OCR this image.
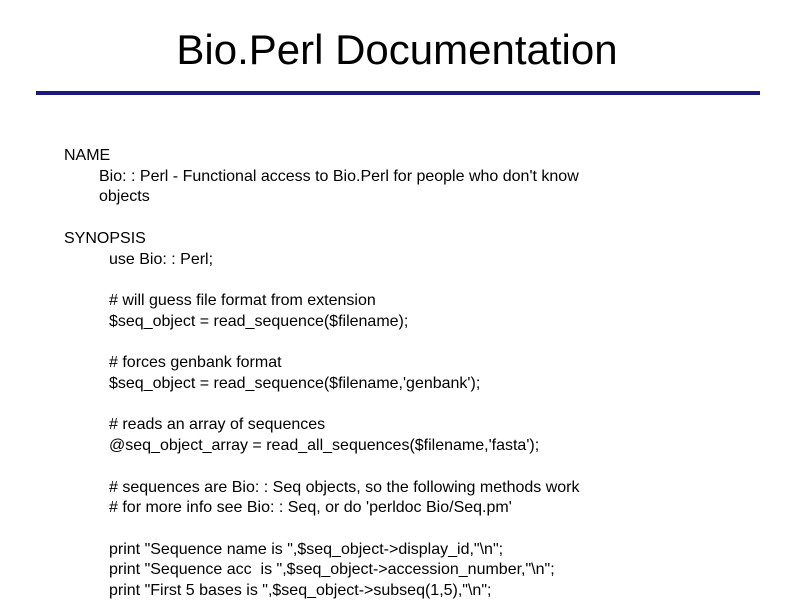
Bio.Perl Documentation
NAME
Bio: : Perl - Functional access to Bio.Perl for people who don't know
objects
SYNOPSIS
use Bio: : Perl;
# will guess file format from extension
$seq_object = read_sequence($filename);
# forces genbank format
$seq_object = read_sequence($filename,'genbank');
# reads an array of sequences
@seq_object_array = read_all_sequences($filename,'fasta');
# sequences are Bio: : Seq objects, so the following methods work
# for more info see Bio: : Seq, or do 'perldoc Bio/Seq.pm'
print "Sequence name is ",$seq_object->display_id,"\n";
print "Sequence acc  is ",$seq_object->accession_number,"\n";
print "First 5 bases is ",$seq_object->subseq(1,5),"\n";
